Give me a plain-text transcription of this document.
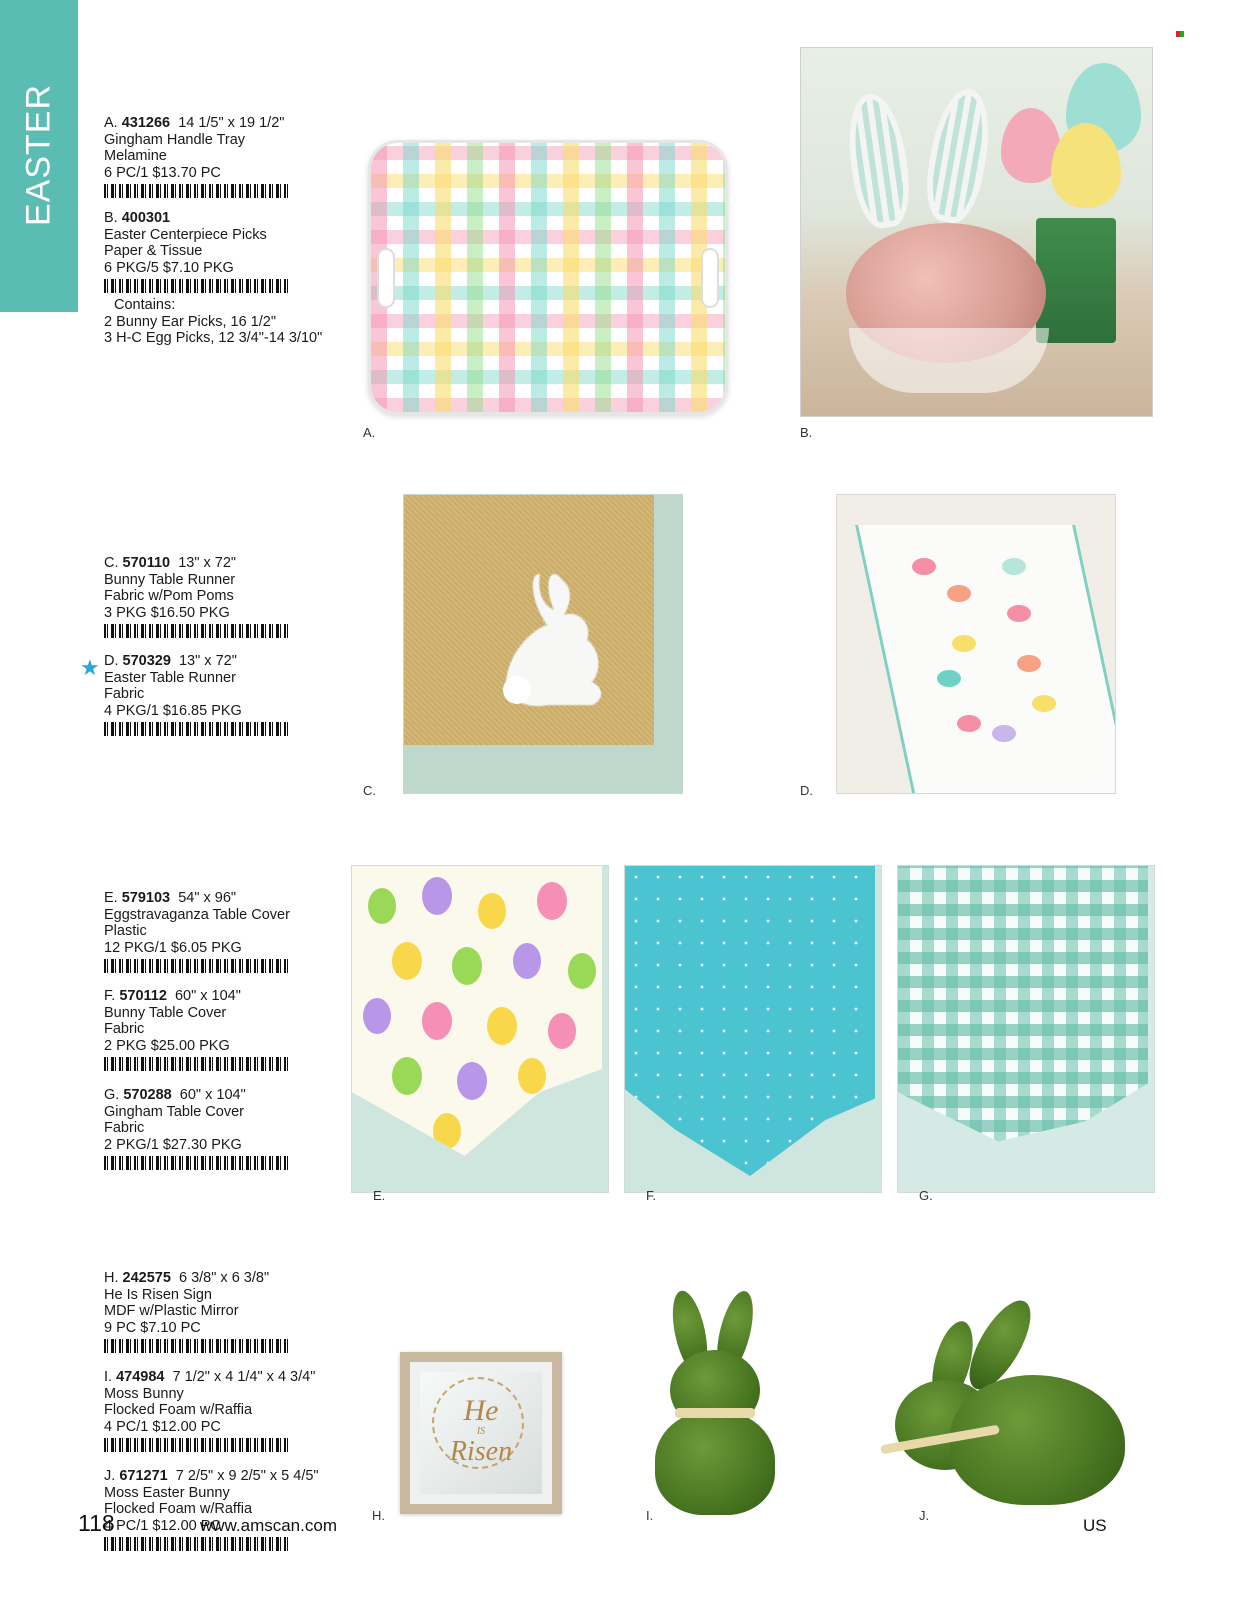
EASTER	A. 431266 14 1/5" x 19 1/2"
Gingham Handle Tray
Melamine
6 PC/1 $13.70 PC
B. 400301
Easter Centerpiece Picks
Paper & Tissue
6 PKG/5 $7.10 PKG
Contains:
2 Bunny Ear Picks, 16 1/2"
3 H-C Egg Picks, 12 3/4"-14 3/10"
C. 570110 13" x 72"
Bunny Table Runner
Fabric w/Pom Poms
3 PKG $16.50 PKG
★ D. 570329 13" x 72"
Easter Table Runner
Fabric
4 PKG/1 $16.85 PKG
E. 579103 54" x 96"
Eggstravaganza Table Cover
Plastic
12 PKG/1 $6.05 PKG
F. 570112 60" x 104"
Bunny Table Cover
Fabric
2 PKG $25.00 PKG
G. 570288 60" x 104"
Gingham Table Cover
Fabric
2 PKG/1 $27.30 PKG
H. 242575 6 3/8" x 6 3/8"
He Is Risen Sign
MDF w/Plastic Mirror
9 PC $7.10 PC
I. 474984 7 1/2" x 4 1/4" x 4 3/4"
Moss Bunny
Flocked Foam w/Raffia
4 PC/1 $12.00 PC
J. 671271 7 2/5" x 9 2/5" x 5 4/5"
Moss Easter Bunny
Flocked Foam w/Raffia
4 PC/1 $12.00 PC
A.	B.
C.	D.
E.	F.	G.
He
IS
Risen
H.	I.	J.
118	www.amscan.com	US
